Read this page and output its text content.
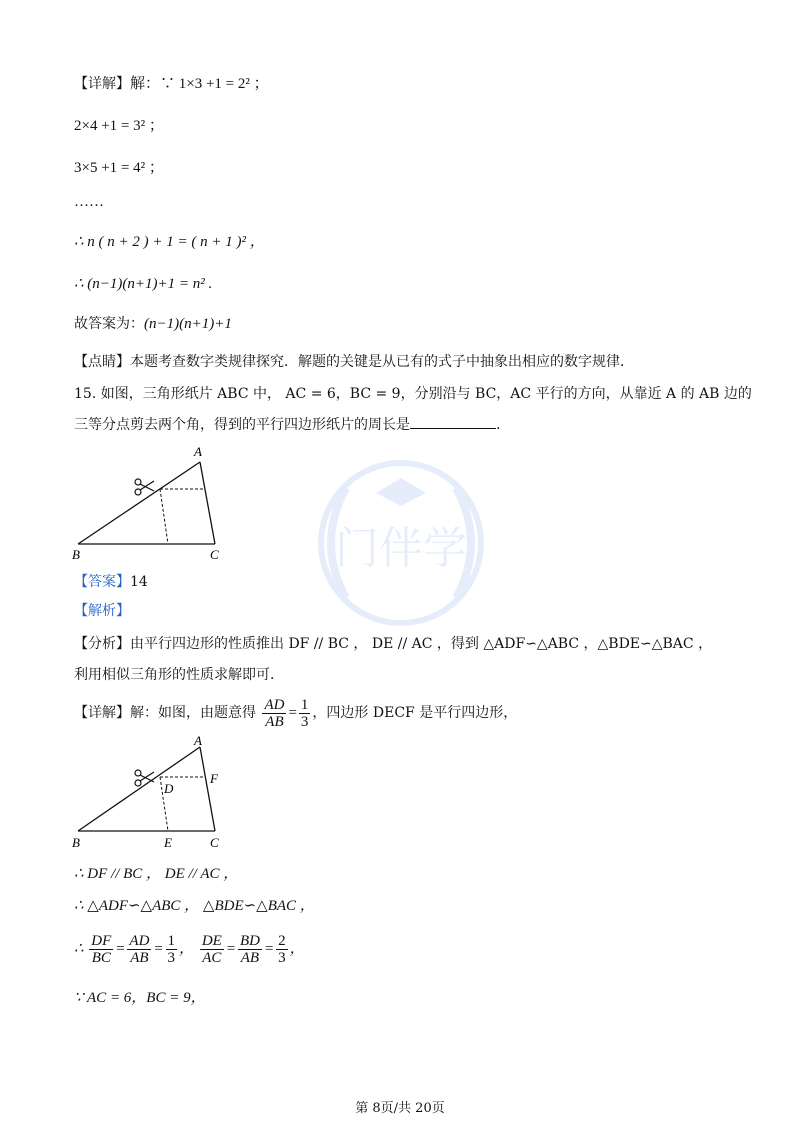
门伴学
【详解】解：∵ 1×3 +1 = 2² ；
2×4 +1 = 3² ；
3×5 +1 = 4² ；
……
∴ n ( n + 2 ) + 1 = ( n + 1 )² ，
∴ (n−1)(n+1)+1 = n² .
故答案为：(n−1)(n+1)+1
【点睛】本题考查数字类规律探究．解题的关键是从已有的式子中抽象出相应的数字规律．
15. 如图，三角形纸片 ABC 中， AC = 6，BC = 9，分别沿与 BC，AC 平行的方向，从靠近 A 的 AB 边的
三等分点剪去两个角，得到的平行四边形纸片的周长是	.
A
B	C
【答案】14
【解析】
【分析】由平行四边形的性质推出 DF // BC ， DE // AC ，得到 △ADF∽△ABC ，△BDE∽△BAC ，
利用相似三角形的性质求解即可．
【详解】解：如图，由题意得 $\frac{AD}{AB} = \frac{1}{3}$ ，四边形 DECF 是平行四边形，
A
B	C
D
E
F
∴ DF // BC ， DE // AC ，
∴ △ADF∽△ABC ， △BDE∽△BAC ，
∴ $\frac{DF}{BC} = \frac{AD}{AB} = \frac{1}{3}$ ， $\frac{DE}{AC} = \frac{BD}{AB} = \frac{2}{3}$ ，
∵ AC = 6，BC = 9，
第 8页/共 20页
